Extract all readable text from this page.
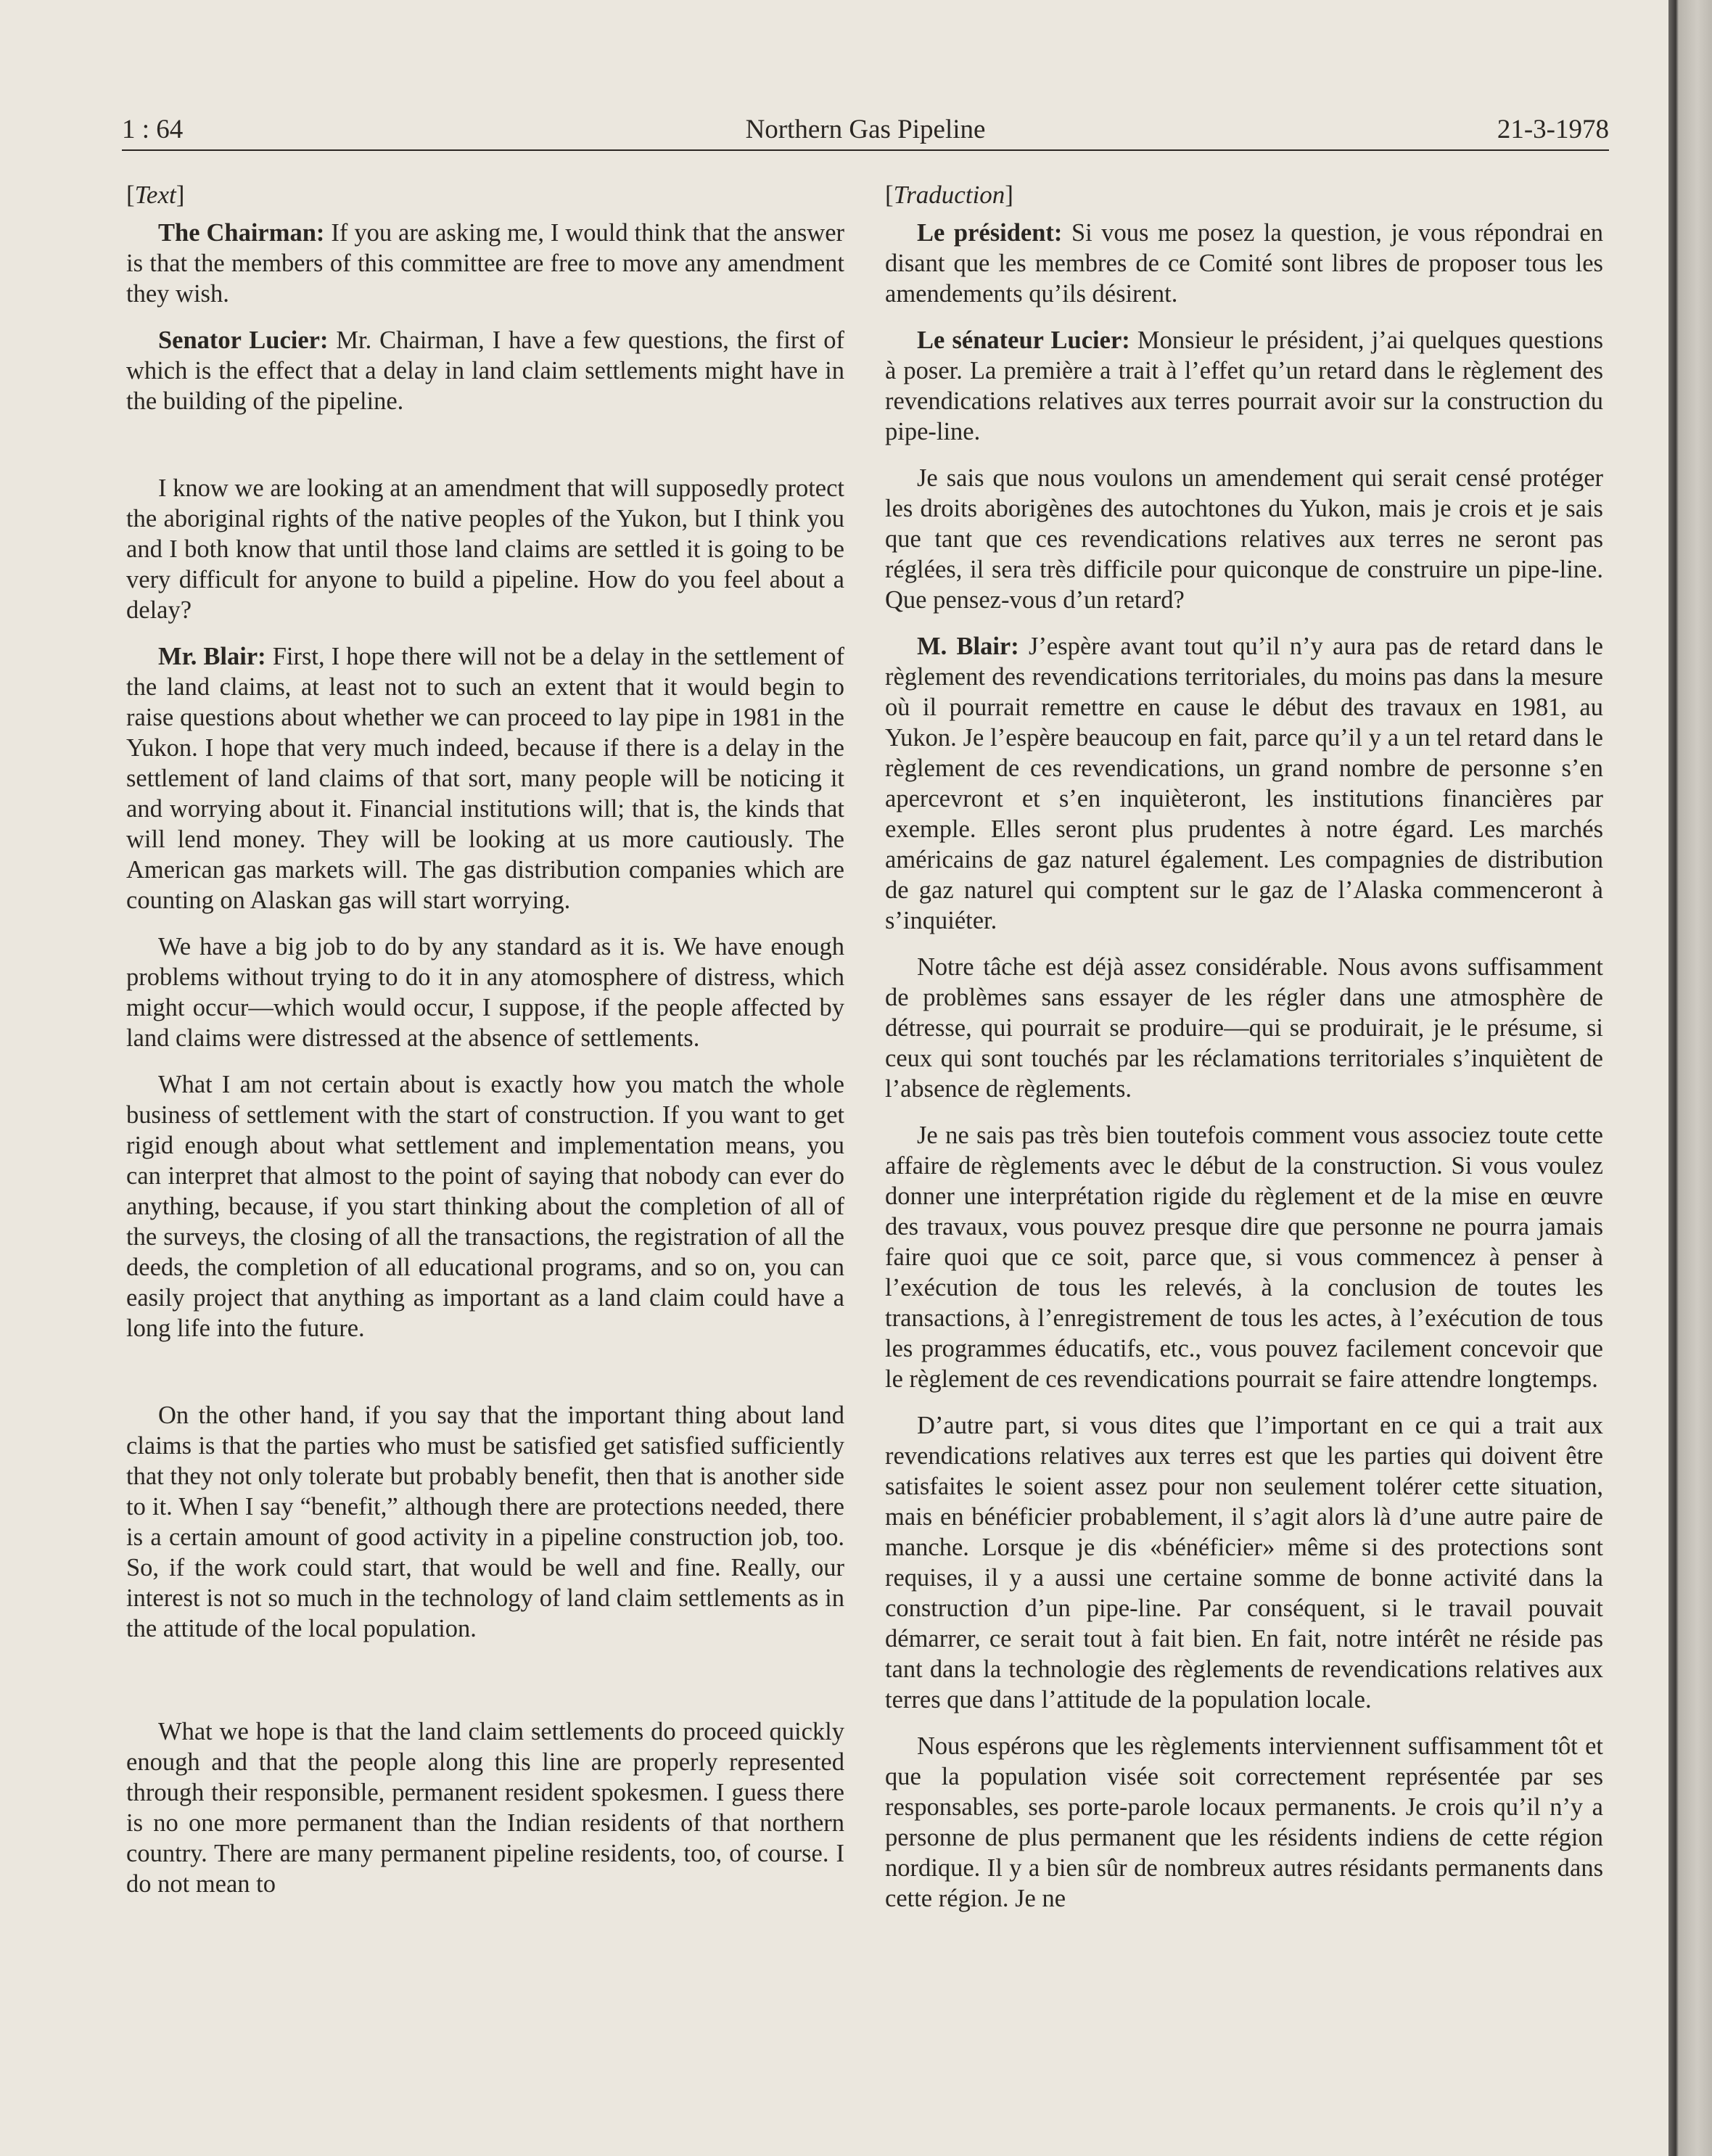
1 : 64	Northern Gas Pipeline	21-3-1978
[Text]

The Chairman: If you are asking me, I would think that the answer is that the members of this committee are free to move any amendment they wish.

Senator Lucier: Mr. Chairman, I have a few questions, the first of which is the effect that a delay in land claim settlements might have in the building of the pipeline.

I know we are looking at an amendment that will supposedly protect the aboriginal rights of the native peoples of the Yukon, but I think you and I both know that until those land claims are settled it is going to be very difficult for anyone to build a pipeline. How do you feel about a delay?

Mr. Blair: First, I hope there will not be a delay in the settlement of the land claims, at least not to such an extent that it would begin to raise questions about whether we can proceed to lay pipe in 1981 in the Yukon. I hope that very much indeed, because if there is a delay in the settlement of land claims of that sort, many people will be noticing it and worrying about it. Financial institutions will; that is, the kinds that will lend money. They will be looking at us more cautiously. The American gas markets will. The gas distribution companies which are counting on Alaskan gas will start worrying.

We have a big job to do by any standard as it is. We have enough problems without trying to do it in any atomosphere of distress, which might occur—which would occur, I suppose, if the people affected by land claims were distressed at the absence of settlements.

What I am not certain about is exactly how you match the whole business of settlement with the start of construction. If you want to get rigid enough about what settlement and implementation means, you can interpret that almost to the point of saying that nobody can ever do anything, because, if you start thinking about the completion of all of the surveys, the closing of all the transactions, the registration of all the deeds, the completion of all educational programs, and so on, you can easily project that anything as important as a land claim could have a long life into the future.

On the other hand, if you say that the important thing about land claims is that the parties who must be satisfied get satisfied sufficiently that they not only tolerate but probably benefit, then that is another side to it. When I say “benefit,” although there are protections needed, there is a certain amount of good activity in a pipeline construction job, too. So, if the work could start, that would be well and fine. Really, our interest is not so much in the technology of land claim settlements as in the attitude of the local population.

What we hope is that the land claim settlements do proceed quickly enough and that the people along this line are properly represented through their responsible, permanent resident spokesmen. I guess there is no one more permanent than the Indian residents of that northern country. There are many permanent pipeline residents, too, of course. I do not mean to

[Traduction]

Le président: Si vous me posez la question, je vous répondrai en disant que les membres de ce Comité sont libres de proposer tous les amendements qu’ils désirent.

Le sénateur Lucier: Monsieur le président, j’ai quelques questions à poser. La première a trait à l’effet qu’un retard dans le règlement des revendications relatives aux terres pourrait avoir sur la construction du pipe-line.

Je sais que nous voulons un amendement qui serait censé protéger les droits aborigènes des autochtones du Yukon, mais je crois et je sais que tant que ces revendications relatives aux terres ne seront pas réglées, il sera très difficile pour quiconque de construire un pipe-line. Que pensez-vous d’un retard?

M. Blair: J’espère avant tout qu’il n’y aura pas de retard dans le règlement des revendications territoriales, du moins pas dans la mesure où il pourrait remettre en cause le début des travaux en 1981, au Yukon. Je l’espère beaucoup en fait, parce qu’il y a un tel retard dans le règlement de ces revendications, un grand nombre de personne s’en apercevront et s’en inquièteront, les institutions financières par exemple. Elles seront plus prudentes à notre égard. Les marchés américains de gaz naturel également. Les compagnies de distribution de gaz naturel qui comptent sur le gaz de l’Alaska commenceront à s’inquiéter.

Notre tâche est déjà assez considérable. Nous avons suffisamment de problèmes sans essayer de les régler dans une atmosphère de détresse, qui pourrait se produire—qui se produirait, je le présume, si ceux qui sont touchés par les réclamations territoriales s’inquiètent de l’absence de règlements.

Je ne sais pas très bien toutefois comment vous associez toute cette affaire de règlements avec le début de la construction. Si vous voulez donner une interprétation rigide du règlement et de la mise en œuvre des travaux, vous pouvez presque dire que personne ne pourra jamais faire quoi que ce soit, parce que, si vous commencez à penser à l’exécution de tous les relevés, à la conclusion de toutes les transactions, à l’enregistrement de tous les actes, à l’exécution de tous les programmes éducatifs, etc., vous pouvez facilement concevoir que le règlement de ces revendications pourrait se faire attendre longtemps.

D’autre part, si vous dites que l’important en ce qui a trait aux revendications relatives aux terres est que les parties qui doivent être satisfaites le soient assez pour non seulement tolérer cette situation, mais en bénéficier probablement, il s’agit alors là d’une autre paire de manche. Lorsque je dis «bénéficier» même si des protections sont requises, il y a aussi une certaine somme de bonne activité dans la construction d’un pipe-line. Par conséquent, si le travail pouvait démarrer, ce serait tout à fait bien. En fait, notre intérêt ne réside pas tant dans la technologie des règlements de revendications relatives aux terres que dans l’attitude de la population locale.

Nous espérons que les règlements interviennent suffisamment tôt et que la population visée soit correctement représentée par ses responsables, ses porte-parole locaux permanents. Je crois qu’il n’y a personne de plus permanent que les résidents indiens de cette région nordique. Il y a bien sûr de nombreux autres résidants permanents dans cette région. Je ne
